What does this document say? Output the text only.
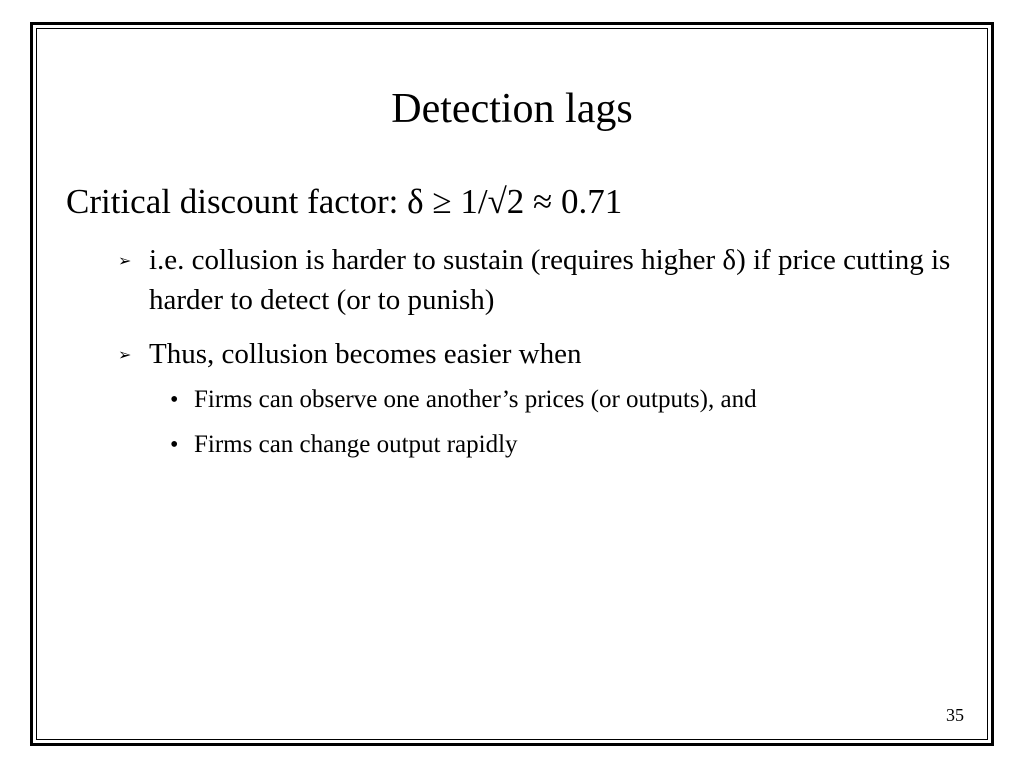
Detection lags
Critical discount factor: δ ≥ 1/√2 ≈ 0.71
➢ i.e. collusion is harder to sustain (requires higher δ) if price cutting is harder to detect (or to punish)
➢ Thus, collusion becomes easier when
• Firms can observe one another’s prices (or outputs), and
• Firms can change output rapidly
35
